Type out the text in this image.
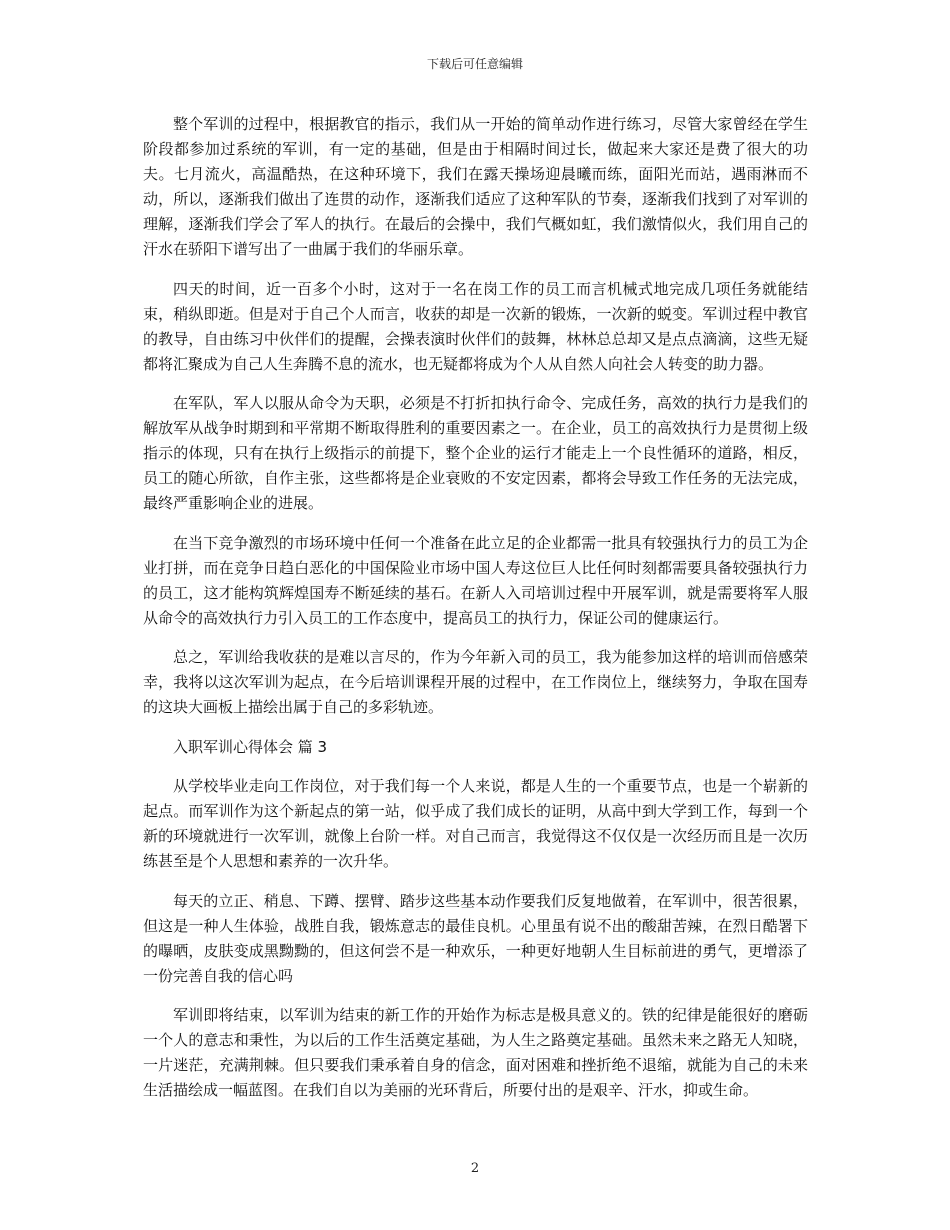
下载后可任意编辑

整个军训的过程中，根据教官的指示，我们从一开始的简单动作进行练习，尽管大家曾经在学生阶段都参加过系统的军训，有一定的基础，但是由于相隔时间过长，做起来大家还是费了很大的功夫。七月流火，高温酷热，在这种环境下，我们在露天操场迎晨曦而练，面阳光而站，遇雨淋而不动，所以，逐渐我们做出了连贯的动作，逐渐我们适应了这种军队的节奏，逐渐我们找到了对军训的理解，逐渐我们学会了军人的执行。在最后的会操中，我们气概如虹，我们激情似火，我们用自己的汗水在骄阳下谱写出了一曲属于我们的华丽乐章。

四天的时间，近一百多个小时，这对于一名在岗工作的员工而言机械式地完成几项任务就能结束，稍纵即逝。但是对于自己个人而言，收获的却是一次新的锻炼，一次新的蜕变。军训过程中教官的教导，自由练习中伙伴们的提醒，会操表演时伙伴们的鼓舞，林林总总却又是点点滴滴，这些无疑都将汇聚成为自己人生奔腾不息的流水，也无疑都将成为个人从自然人向社会人转变的助力器。

在军队，军人以服从命令为天职，必须是不打折扣执行命令、完成任务，高效的执行力是我们的解放军从战争时期到和平常期不断取得胜利的重要因素之一。在企业，员工的高效执行力是贯彻上级指示的体现，只有在执行上级指示的前提下，整个企业的运行才能走上一个良性循环的道路，相反，员工的随心所欲，自作主张，这些都将是企业衰败的不安定因素，都将会导致工作任务的无法完成，最终严重影响企业的进展。

在当下竞争激烈的市场环境中任何一个准备在此立足的企业都需一批具有较强执行力的员工为企业打拼，而在竞争日趋白恶化的中国保险业市场中国人寿这位巨人比任何时刻都需要具备较强执行力的员工，这才能构筑辉煌国寿不断延续的基石。在新人入司培训过程中开展军训，就是需要将军人服从命令的高效执行力引入员工的工作态度中，提高员工的执行力，保证公司的健康运行。

总之，军训给我收获的是难以言尽的，作为今年新入司的员工，我为能参加这样的培训而倍感荣幸，我将以这次军训为起点，在今后培训课程开展的过程中，在工作岗位上，继续努力，争取在国寿的这块大画板上描绘出属于自己的多彩轨迹。

入职军训心得体会 篇 3

从学校毕业走向工作岗位，对于我们每一个人来说，都是人生的一个重要节点，也是一个崭新的起点。而军训作为这个新起点的第一站，似乎成了我们成长的证明，从高中到大学到工作，每到一个新的环境就进行一次军训，就像上台阶一样。对自己而言，我觉得这不仅仅是一次经历而且是一次历练甚至是个人思想和素养的一次升华。

每天的立正、稍息、下蹲、摆臂、踏步这些基本动作要我们反复地做着，在军训中，很苦很累，但这是一种人生体验，战胜自我，锻炼意志的最佳良机。心里虽有说不出的酸甜苦辣，在烈日酷署下的曝晒，皮肤变成黑黝黝的，但这何尝不是一种欢乐，一种更好地朝人生目标前进的勇气，更增添了一份完善自我的信心吗

军训即将结束，以军训为结束的新工作的开始作为标志是极具意义的。铁的纪律是能很好的磨砺一个人的意志和秉性，为以后的工作生活奠定基础，为人生之路奠定基础。虽然未来之路无人知晓，一片迷茫，充满荆棘。但只要我们秉承着自身的信念，面对困难和挫折绝不退缩，就能为自己的未来生活描绘成一幅蓝图。在我们自以为美丽的光环背后，所要付出的是艰辛、汗水，抑或生命。

2
